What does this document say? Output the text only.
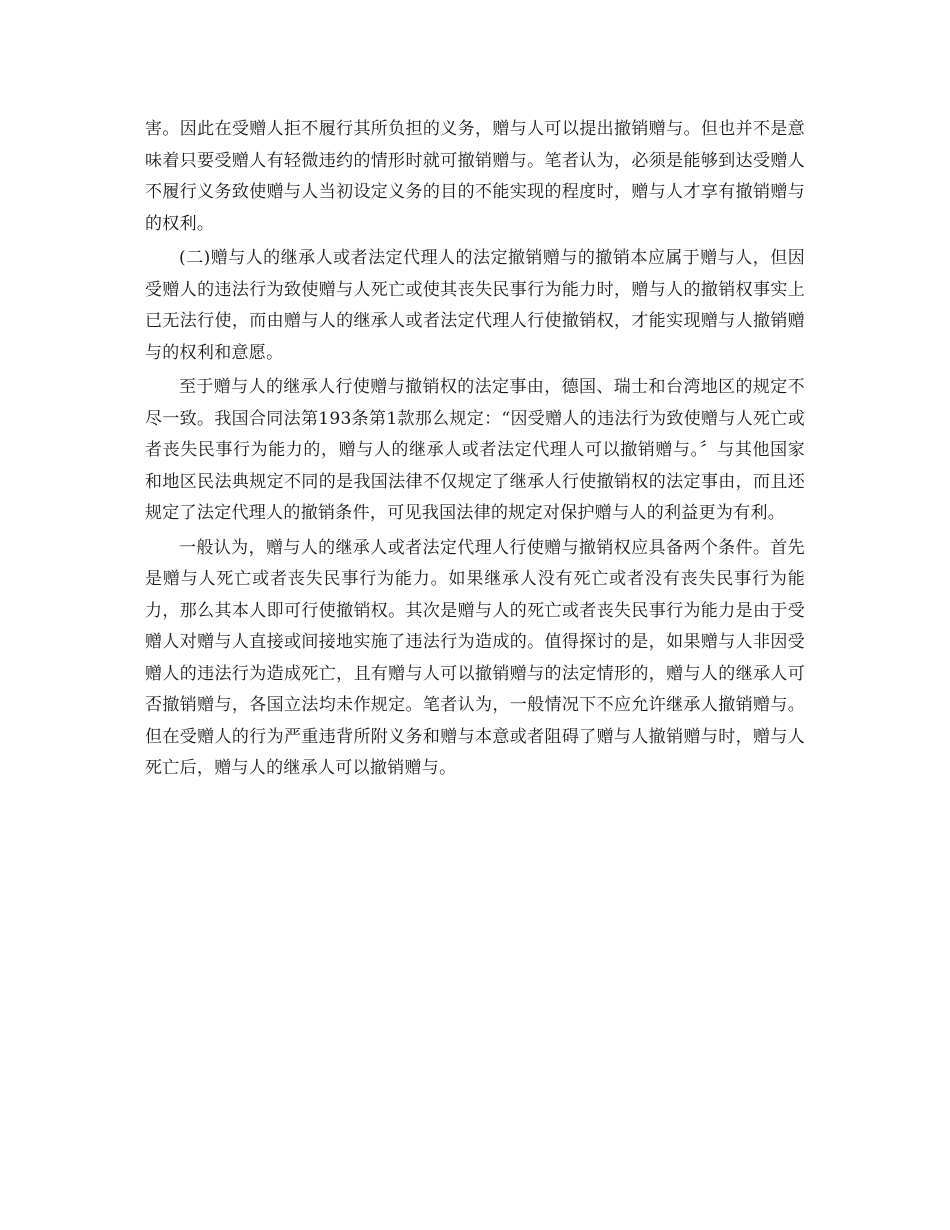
害。因此在受赠人拒不履行其所负担的义务，赠与人可以提出撤销赠与。但也并不是意味着只要受赠人有轻微违约的情形时就可撤销赠与。笔者认为，必须是能够到达受赠人不履行义务致使赠与人当初设定义务的目的不能实现的程度时，赠与人才享有撤销赠与的权利。

(二)赠与人的继承人或者法定代理人的法定撤销赠与的撤销本应属于赠与人，但因受赠人的违法行为致使赠与人死亡或使其丧失民事行为能力时，赠与人的撤销权事实上已无法行使，而由赠与人的继承人或者法定代理人行使撤销权，才能实现赠与人撤销赠与的权利和意愿。

至于赠与人的继承人行使赠与撤销权的法定事由，德国、瑞士和台湾地区的规定不尽一致。我国合同法第193条第1款那么规定：“因受赠人的违法行为致使赠与人死亡或者丧失民事行为能力的，赠与人的继承人或者法定代理人可以撤销赠与。〞与其他国家和地区民法典规定不同的是我国法律不仅规定了继承人行使撤销权的法定事由，而且还规定了法定代理人的撤销条件，可见我国法律的规定对保护赠与人的利益更为有利。

一般认为，赠与人的继承人或者法定代理人行使赠与撤销权应具备两个条件。首先是赠与人死亡或者丧失民事行为能力。如果继承人没有死亡或者没有丧失民事行为能力，那么其本人即可行使撤销权。其次是赠与人的死亡或者丧失民事行为能力是由于受赠人对赠与人直接或间接地实施了违法行为造成的。值得探讨的是，如果赠与人非因受赠人的违法行为造成死亡，且有赠与人可以撤销赠与的法定情形的，赠与人的继承人可否撤销赠与，各国立法均未作规定。笔者认为，一般情况下不应允许继承人撤销赠与。但在受赠人的行为严重违背所附义务和赠与本意或者阻碍了赠与人撤销赠与时，赠与人死亡后，赠与人的继承人可以撤销赠与。
